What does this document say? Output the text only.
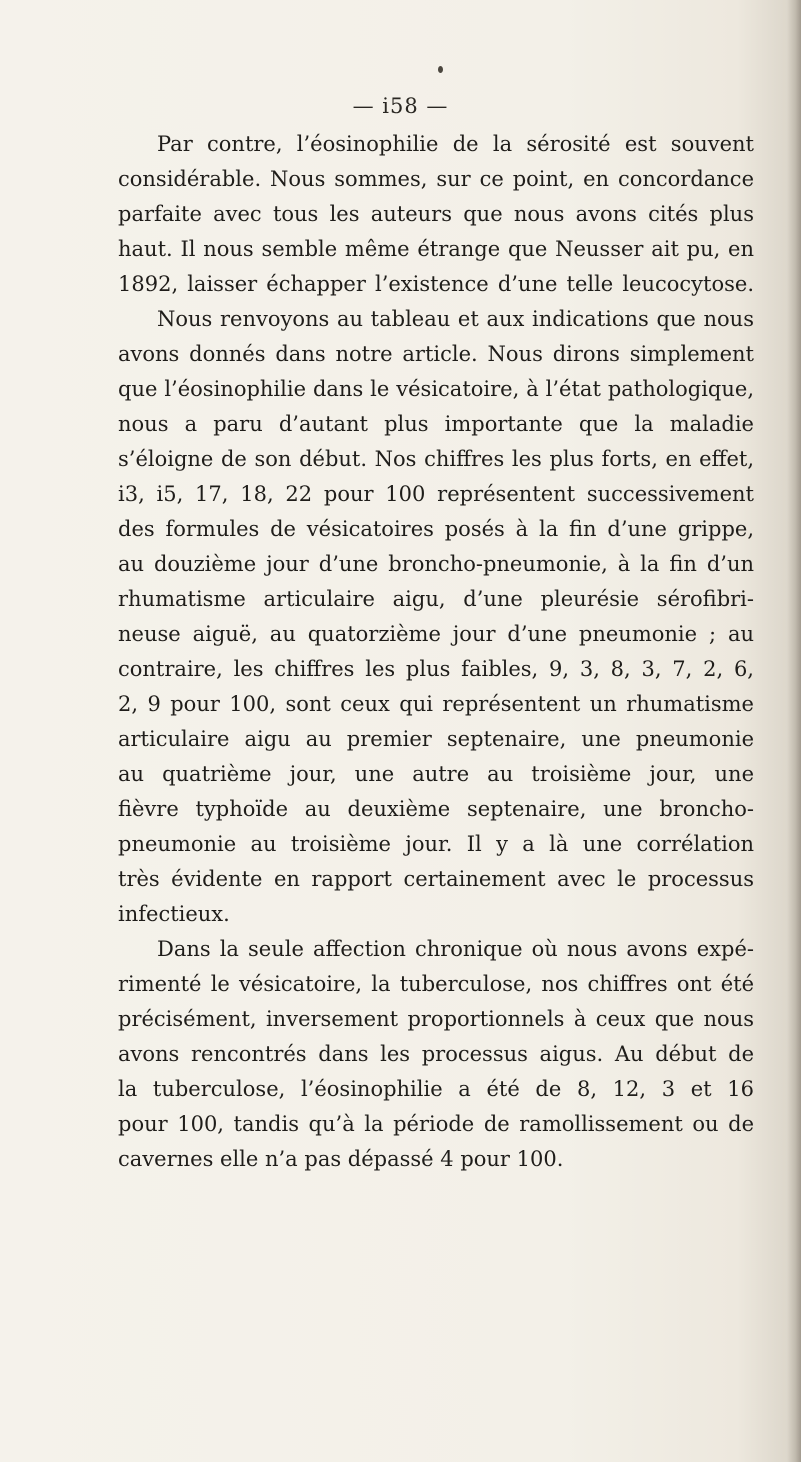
— i58 —
Par contre, l’éosinophilie de la sérosité est souvent
considérable. Nous sommes, sur ce point, en concordance
parfaite avec tous les auteurs que nous avons cités plus
haut. Il nous semble même étrange que Neusser ait pu, en
1892, laisser échapper l’existence d’une telle leucocytose.
Nous renvoyons au tableau et aux indications que nous
avons donnés dans notre article. Nous dirons simplement
que l’éosinophilie dans le vésicatoire, à l’état pathologique,
nous a paru d’autant plus importante que la maladie
s’éloigne de son début. Nos chiffres les plus forts, en effet,
i3, i5, 17, 18, 22 pour 100 représentent successivement
des formules de vésicatoires posés à la fin d’une grippe,
au douzième jour d’une broncho-pneumonie, à la fin d’un
rhumatisme articulaire aigu, d’une pleurésie sérofibri-
neuse aiguë, au quatorzième jour d’une pneumonie ; au
contraire, les chiffres les plus faibles, 9, 3, 8, 3, 7, 2, 6,
2, 9 pour 100, sont ceux qui représentent un rhumatisme
articulaire aigu au premier septenaire, une pneumonie
au quatrième jour, une autre au troisième jour, une
fièvre typhoïde au deuxième septenaire, une broncho-
pneumonie au troisième jour. Il y a là une corrélation
très évidente en rapport certainement avec le processus
infectieux.
Dans la seule affection chronique où nous avons expé-
rimenté le vésicatoire, la tuberculose, nos chiffres ont été
précisément, inversement proportionnels à ceux que nous
avons rencontrés dans les processus aigus. Au début de
la tuberculose, l’éosinophilie a été de 8, 12, 3 et 16
pour 100, tandis qu’à la période de ramollissement ou de
cavernes elle n’a pas dépassé 4 pour 100.
